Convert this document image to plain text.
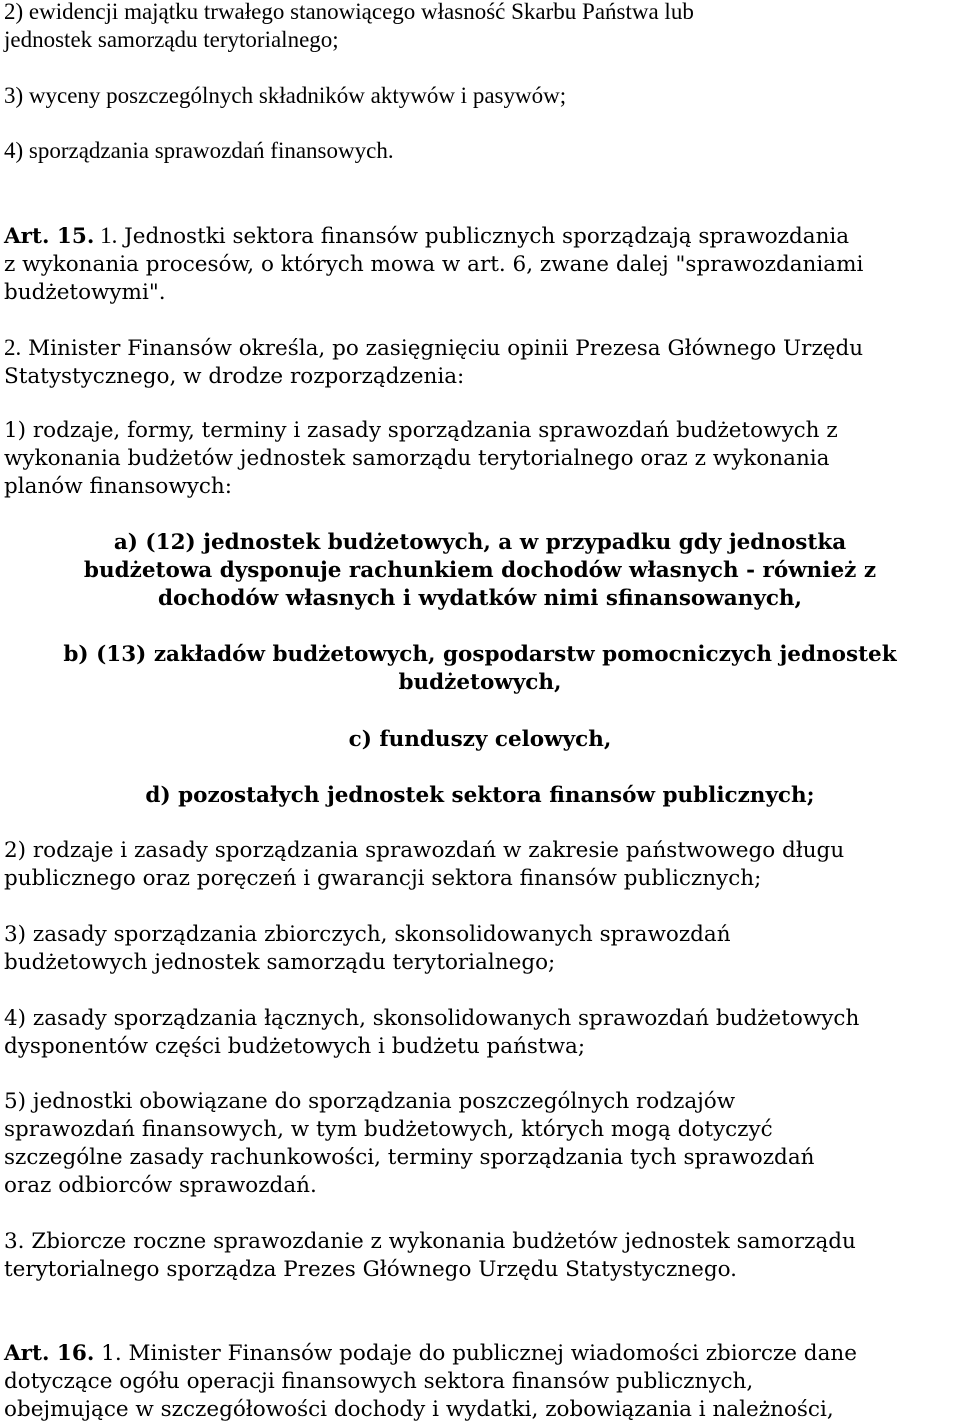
2) ewidencji majątku trwałego stanowiącego własność Skarbu Państwa lub
jednostek samorządu terytorialnego;
3) wyceny poszczególnych składników aktywów i pasywów;
4) sporządzania sprawozdań finansowych.
Art. 15. 1. Jednostki sektora finansów publicznych sporządzają sprawozdania
z wykonania procesów, o których mowa w art. 6, zwane dalej "sprawozdaniami
budżetowymi".
2. Minister Finansów określa, po zasięgnięciu opinii Prezesa Głównego Urzędu
Statystycznego, w drodze rozporządzenia:
1) rodzaje, formy, terminy i zasady sporządzania sprawozdań budżetowych z
wykonania budżetów jednostek samorządu terytorialnego oraz z wykonania
planów finansowych:
a) (12) jednostek budżetowych, a w przypadku gdy jednostka
budżetowa dysponuje rachunkiem dochodów własnych - również z
dochodów własnych i wydatków nimi sfinansowanych,
b) (13) zakładów budżetowych, gospodarstw pomocniczych jednostek
budżetowych,
c) funduszy celowych,
d) pozostałych jednostek sektora finansów publicznych;
2) rodzaje i zasady sporządzania sprawozdań w zakresie państwowego długu
publicznego oraz poręczeń i gwarancji sektora finansów publicznych;
3) zasady sporządzania zbiorczych, skonsolidowanych sprawozdań
budżetowych jednostek samorządu terytorialnego;
4) zasady sporządzania łącznych, skonsolidowanych sprawozdań budżetowych
dysponentów części budżetowych i budżetu państwa;
5) jednostki obowiązane do sporządzania poszczególnych rodzajów
sprawozdań finansowych, w tym budżetowych, których mogą dotyczyć
szczególne zasady rachunkowości, terminy sporządzania tych sprawozdań
oraz odbiorców sprawozdań.
3. Zbiorcze roczne sprawozdanie z wykonania budżetów jednostek samorządu
terytorialnego sporządza Prezes Głównego Urzędu Statystycznego.
Art. 16. 1. Minister Finansów podaje do publicznej wiadomości zbiorcze dane
dotyczące ogółu operacji finansowych sektora finansów publicznych,
obejmujące w szczegółowości dochody i wydatki, zobowiązania i należności,
